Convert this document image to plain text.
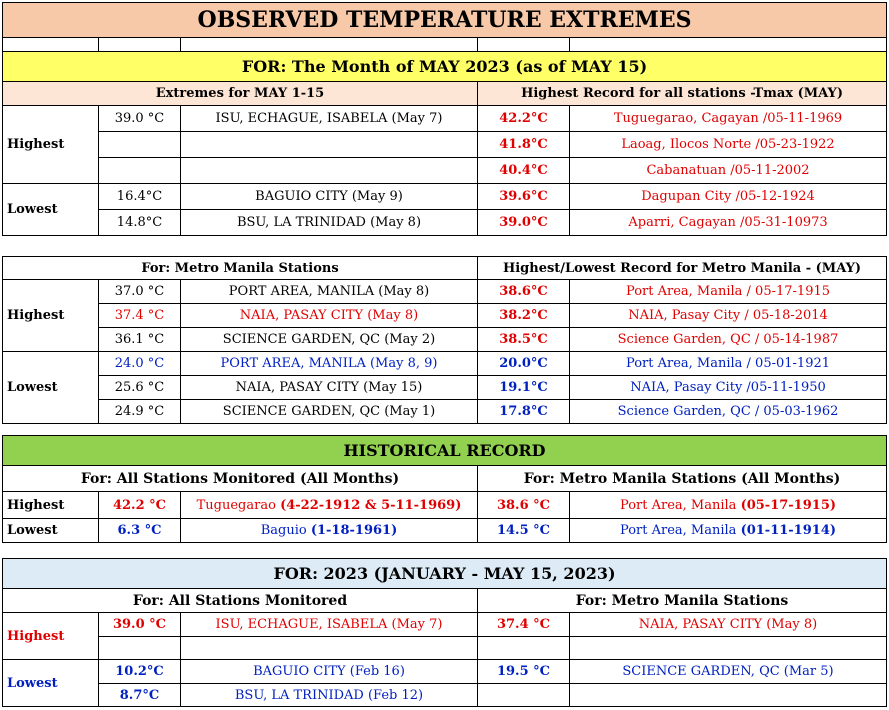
OBSERVED TEMPERATURE EXTREMES				

FOR: The Month of MAY 2023 (as of MAY 15)				
Extremes for MAY 1-15			Highest Record for all stations -Tmax (MAY)	
Highest	39.0 °C	ISU, ECHAGUE, ISABELA (May 7)	42.2°C	Tuguegarao, Cagayan /05-11-1969
			41.8°C	Laoag, Ilocos Norte /05-23-1922
			40.4°C	Cabanatuan /05-11-2002
Lowest	16.4°C	BAGUIO CITY (May 9)	39.6°C	Dagupan City /05-12-1924
	14.8°C	BSU, LA TRINIDAD (May 8)	39.0°C	Aparri, Cagayan /05-31-10973
For: Metro Manila Stations			Highest/Lowest Record for Metro Manila - (MAY)	
Highest	37.0 °C	PORT AREA, MANILA (May 8)	38.6°C	Port Area, Manila / 05-17-1915
	37.4 °C	NAIA, PASAY CITY (May 8)	38.2°C	NAIA, Pasay City / 05-18-2014
	36.1 °C	SCIENCE GARDEN, QC (May 2)	38.5°C	Science Garden, QC / 05-14-1987
Lowest	24.0 °C	PORT AREA, MANILA (May 8, 9)	20.0°C	Port Area, Manila / 05-01-1921
	25.6 °C	NAIA, PASAY CITY (May 15)	19.1°C	NAIA, Pasay City /05-11-1950
	24.9 °C	SCIENCE GARDEN, QC (May 1)	17.8°C	Science Garden, QC / 05-03-1962
HISTORICAL RECORD				
For: All Stations Monitored (All Months)			For: Metro Manila Stations (All Months)	
Highest	42.2 °C	Tuguegarao (4-22-1912 & 5-11-1969)	38.6 °C	Port Area, Manila (05-17-1915)
Lowest	6.3 °C	Baguio (1-18-1961)	14.5 °C	Port Area, Manila (01-11-1914)
FOR: 2023 (JANUARY - MAY 15, 2023)				
For: All Stations Monitored			For: Metro Manila Stations	
Highest	39.0 °C	ISU, ECHAGUE, ISABELA (May 7)	37.4 °C	NAIA, PASAY CITY (May 8)

Lowest	10.2°C	BAGUIO CITY (Feb 16)	19.5 °C	SCIENCE GARDEN, QC (Mar 5)
	8.7°C	BSU, LA TRINIDAD (Feb 12)		
